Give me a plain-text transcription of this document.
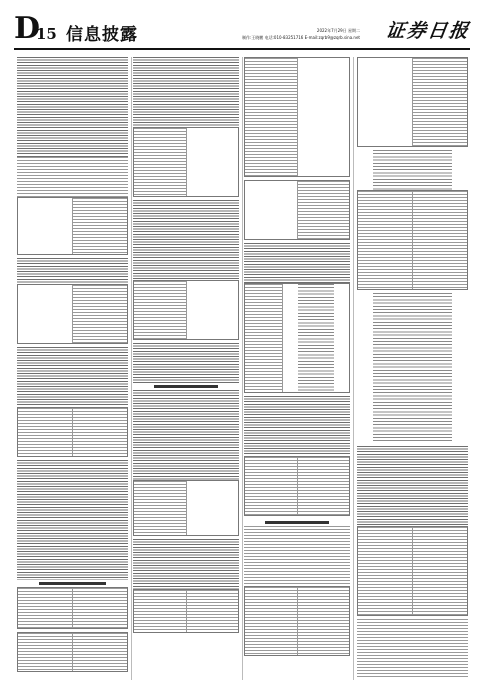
D
15 信息披露	2022年7月29日 星期二
制作:王晓鹏 电话:010-83251716 E-mail:zqrb9@zqrb.sina.net 证券日报
